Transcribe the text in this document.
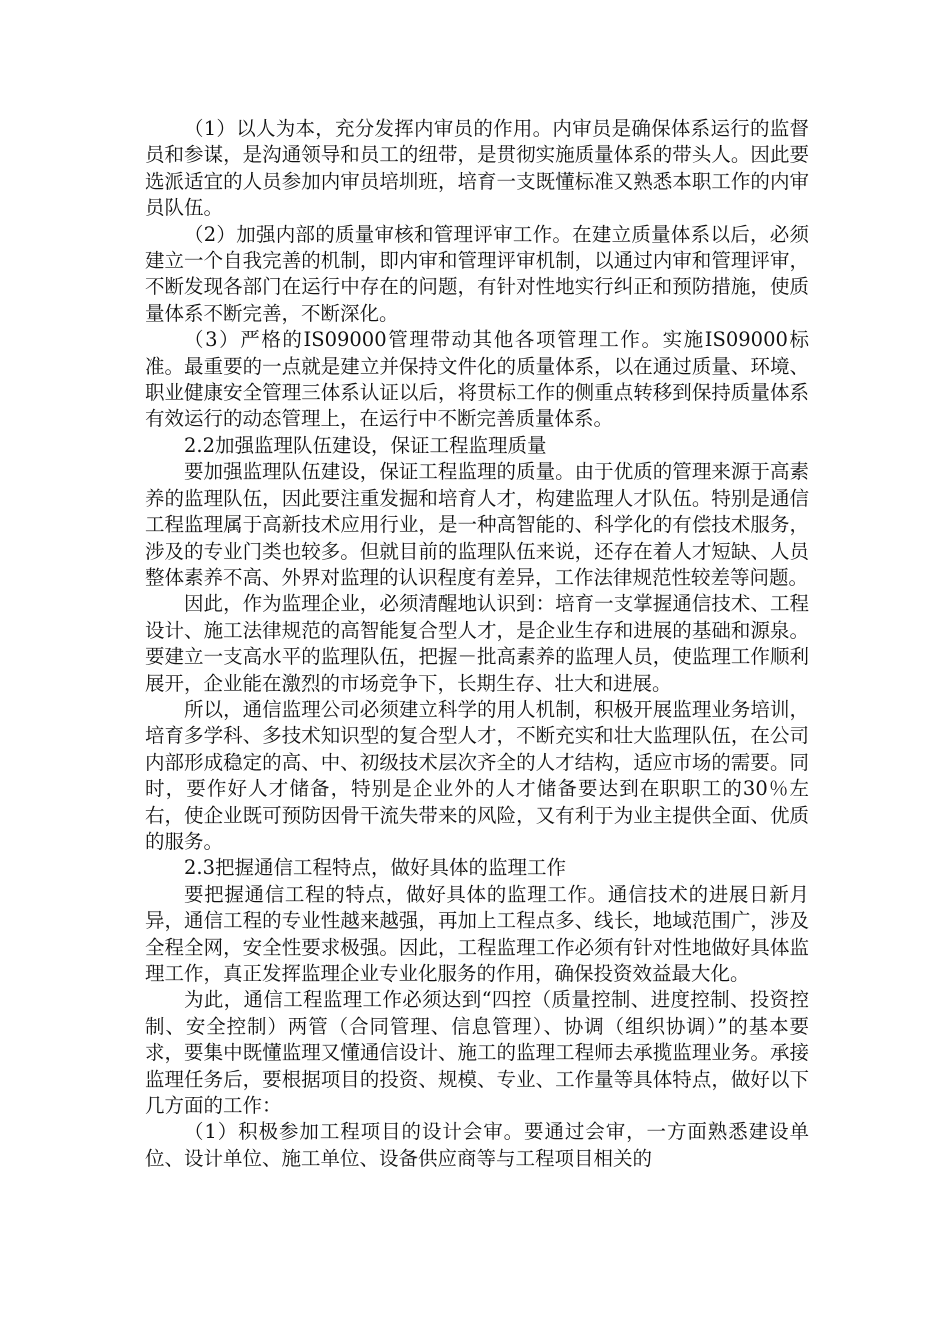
（1）以人为本，充分发挥内审员的作用。内审员是确保体系运行的监督员和参谋，是沟通领导和员工的纽带，是贯彻实施质量体系的带头人。因此要选派适宜的人员参加内审员培圳班，培育一支既懂标准又熟悉本职工作的内审员队伍。

（2）加强内部的质量审核和管理评审工作。在建立质量体系以后，必须建立一个自我完善的机制，即内审和管理评审机制，以通过内审和管理评审，不断发现各部门在运行中存在的问题，有针对性地实行纠正和预防措施，使质量体系不断完善，不断深化。

（3）严格的IS09000管理带动其他各项管理工作。实施IS09000标准。最重要的一点就是建立并保持文件化的质量体系，以在通过质量、环境、职业健康安全管理三体系认证以后，将贯标工作的侧重点转移到保持质量体系有效运行的动态管理上，在运行中不断完善质量体系。

2.2加强监理队伍建设，保证工程监理质量

要加强监理队伍建设，保证工程监理的质量。由于优质的管理来源于高素养的监理队伍，因此要注重发掘和培育人才，构建监理人才队伍。特别是通信工程监理属于高新技术应用行业，是一种高智能的、科学化的有偿技术服务，涉及的专业门类也较多。但就目前的监理队伍来说，还存在着人才短缺、人员整体素养不高、外界对监理的认识程度有差异，工作法律规范性较差等问题。

因此，作为监理企业，必须清醒地认识到：培育一支掌握通信技术、工程设计、施工法律规范的高智能复合型人才，是企业生存和进展的基础和源泉。要建立一支高水平的监理队伍，把握－批高素养的监理人员，使监理工作顺利展开，企业能在激烈的市场竞争下，长期生存、壮大和进展。

所以，通信监理公司必须建立科学的用人机制，积极开展监理业务培训，培育多学科、多技术知识型的复合型人才，不断充实和壮大监理队伍，在公司内部形成稳定的高、中、初级技术层次齐全的人才结构，适应市场的需要。同时，要作好人才储备，特别是企业外的人才储备要达到在职职工的30％左右，使企业既可预防因骨干流失带来的风险，又有利于为业主提供全面、优质的服务。

2.3把握通信工程特点，做好具体的监理工作

要把握通信工程的特点，做好具体的监理工作。通信技术的进展日新月异，通信工程的专业性越来越强，再加上工程点多、线长，地域范围广，涉及全程全网，安全性要求极强。因此，工程监理工作必须有针对性地做好具体监理工作，真正发挥监理企业专业化服务的作用，确保投资效益最大化。

为此，通信工程监理工作必须达到“四控（质量控制、进度控制、投资控制、安全控制）两管（合同管理、信息管理）、协调（组织协调）”的基本要求，要集中既懂监理又懂通信设计、施工的监理工程师去承揽监理业务。承接监理任务后，要根据项目的投资、规模、专业、工作量等具体特点，做好以下几方面的工作：

（1）积极参加工程项目的设计会审。要通过会审，一方面熟悉建设单位、设计单位、施工单位、设备供应商等与工程项目相关的
